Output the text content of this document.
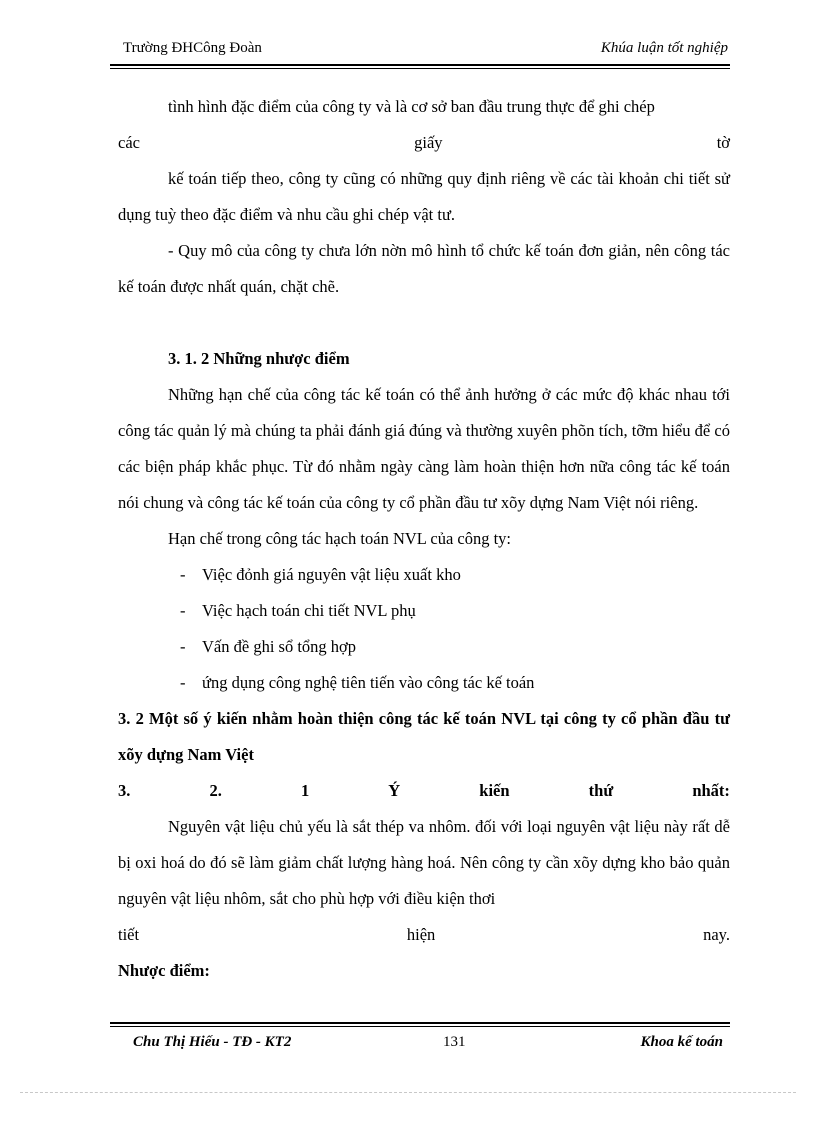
Trường ĐHCông Đoàn	Khúa luận tốt nghiệp

tình hình đặc điểm của công ty và là cơ sở ban đầu trung thực để ghi chép

các	giấy	tờ

kế toán tiếp theo, công ty cũng có những quy định riêng về các tài khoản chi tiết sử dụng tuỳ theo đặc điểm và nhu cầu ghi chép vật tư.

- Quy mô của công ty chưa lớn nờn mô hình tổ chức kế toán đơn giản, nên công tác kế toán được nhất quán, chặt chẽ.

3. 1. 2 Những nhược điểm

Những hạn chế của công tác kế toán có thể ảnh hưởng ở các mức độ khác nhau tới công tác quản lý mà chúng ta phải đánh giá đúng và thường xuyên phõn tích, tỡm hiểu để có các biện pháp khắc phục. Từ đó nhằm ngày càng làm hoàn thiện hơn nữa công tác kế toán nói chung và công tác kế toán của công ty cổ phần đầu tư xõy dựng Nam Việt nói riêng.

Hạn chế trong công tác hạch toán NVL của công ty:

- Việc đỏnh giá nguyên vật liệu xuất kho
- Việc hạch toán chi tiết NVL phụ
- Vấn đề ghi sổ tổng hợp
- ứng dụng công nghệ tiên tiến vào công tác kế toán

3. 2 Một số ý kiến nhằm hoàn thiện công tác kế toán NVL tại công ty cổ phần đầu tư xõy dựng Nam Việt

3.	2.	1	Ý	kiến	thứ	nhất:

Nguyên vật liệu chủ yếu là sắt thép va nhôm. đối với loại nguyên vật liệu này rất dễ bị oxi hoá do đó sẽ làm giảm chất lượng hàng hoá. Nên công ty cần xõy dựng kho bảo quản nguyên vật liệu nhôm, sắt cho phù hợp với điều kiện thơi

tiết	hiện	nay.

Nhược điểm:

Chu Thị Hiếu - TĐ - KT2	131	Khoa kế toán
